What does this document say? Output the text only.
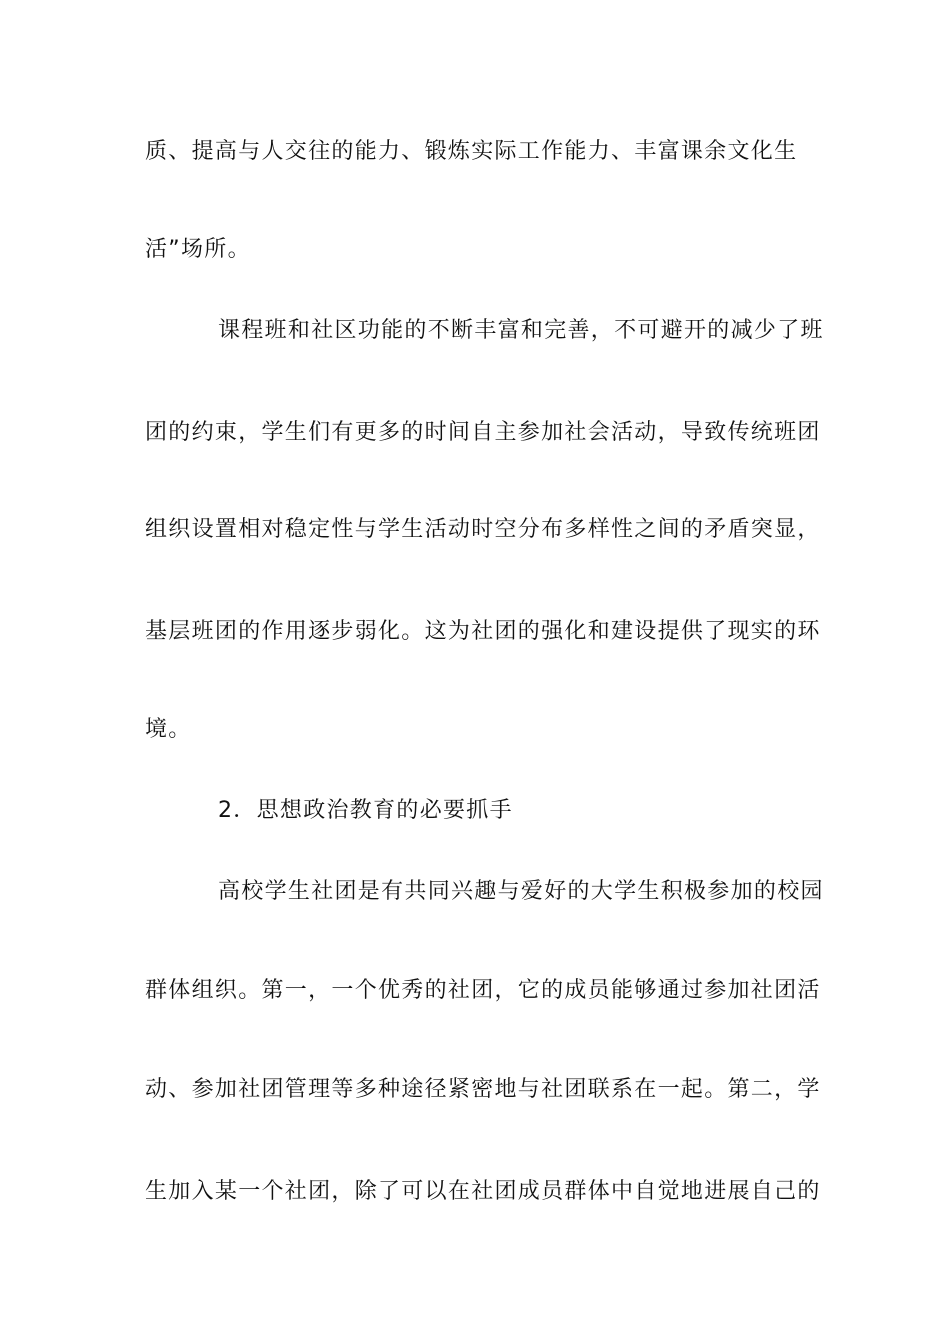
质、提高与人交往的能力、锻炼实际工作能力、丰富课余文化生
活”场所。
课程班和社区功能的不断丰富和完善，不可避开的减少了班
团的约束，学生们有更多的时间自主参加社会活动，导致传统班团
组织设置相对稳定性与学生活动时空分布多样性之间的矛盾突显，
基层班团的作用逐步弱化。这为社团的强化和建设提供了现实的环
境。
2．思想政治教育的必要抓手
高校学生社团是有共同兴趣与爱好的大学生积极参加的校园
群体组织。第一，一个优秀的社团，它的成员能够通过参加社团活
动、参加社团管理等多种途径紧密地与社团联系在一起。第二，学
生加入某一个社团，除了可以在社团成员群体中自觉地进展自己的
